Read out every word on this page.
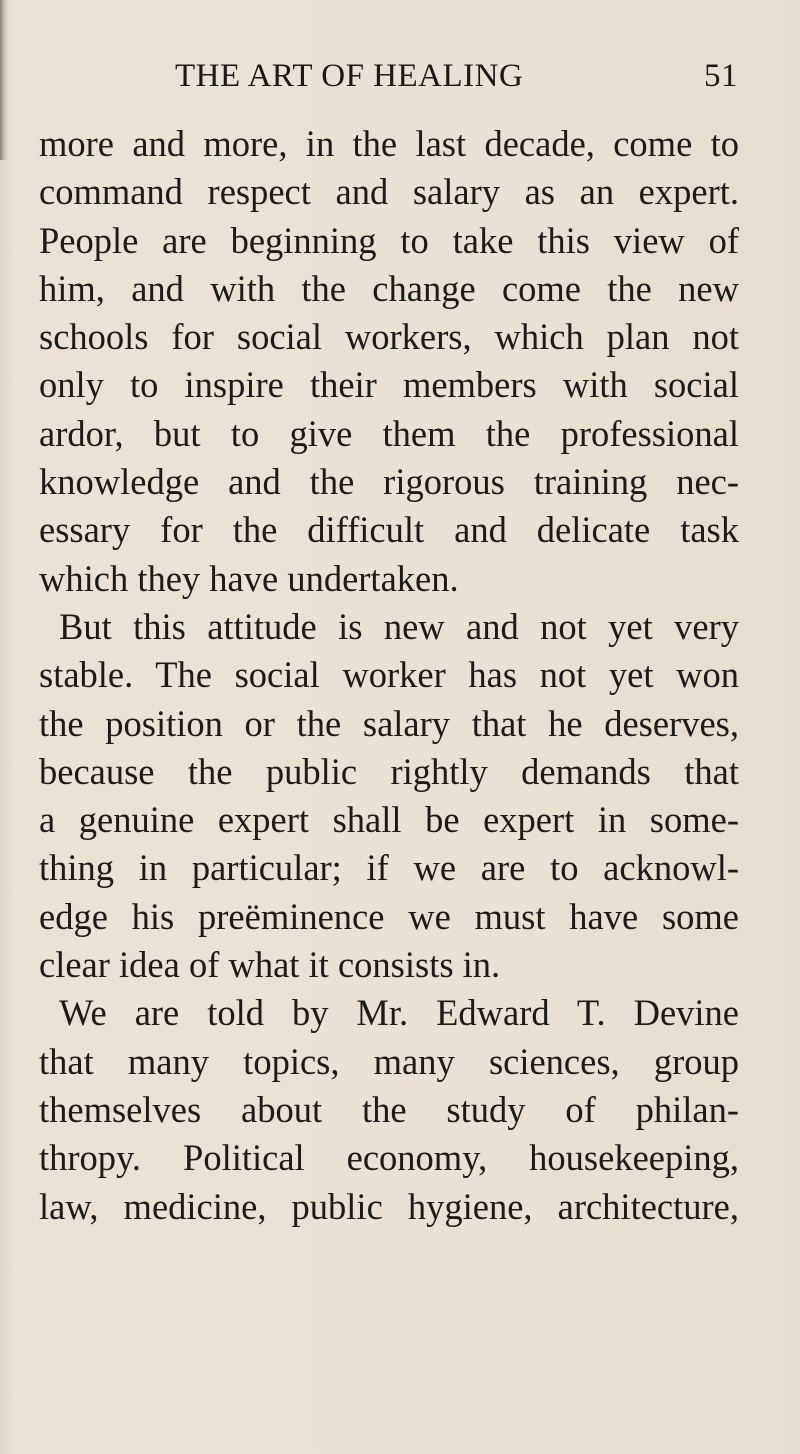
THE ART OF HEALING	51
more and more, in the last decade, come to
command respect and salary as an expert.
People are beginning to take this view of
him, and with the change come the new
schools for social workers, which plan not
only to inspire their members with social
ardor, but to give them the professional
knowledge and the rigorous training nec-
essary for the difficult and delicate task
which they have undertaken.
But this attitude is new and not yet very
stable. The social worker has not yet won
the position or the salary that he deserves,
because the public rightly demands that
a genuine expert shall be expert in some-
thing in particular; if we are to acknowl-
edge his preëminence we must have some
clear idea of what it consists in.
We are told by Mr. Edward T. Devine
that many topics, many sciences, group
themselves about the study of philan-
thropy. Political economy, housekeeping,
law, medicine, public hygiene, architecture,
